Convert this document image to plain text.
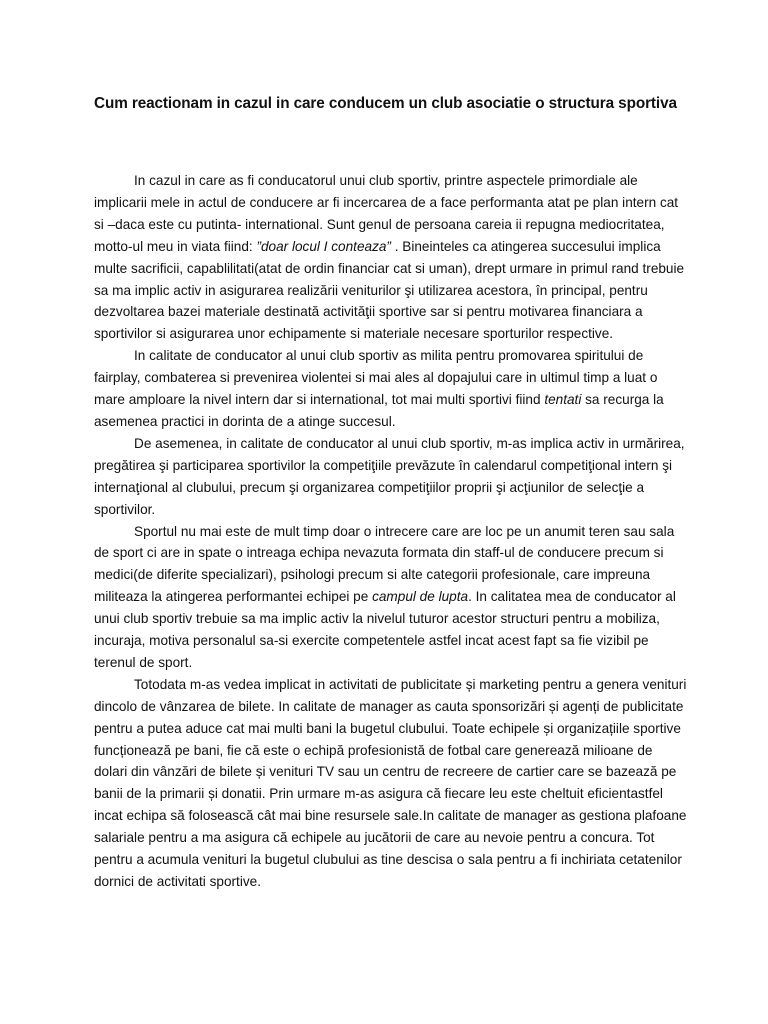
Cum reactionam in cazul in care conducem un club asociatie o structura sportiva

In cazul in care as fi conducatorul unui club sportiv, printre aspectele primordiale ale implicarii mele in actul de conducere ar fi incercarea de a face performanta atat pe plan intern cat si –daca este cu putinta- international. Sunt genul de persoana careia ii repugna mediocritatea, motto-ul meu in viata fiind: ”doar locul I conteaza” . Bineinteles ca atingerea succesului implica multe sacrificii, capablilitati(atat de ordin financiar cat si uman), drept urmare in primul rand trebuie sa ma implic activ in asigurarea realizării veniturilor şi utilizarea acestora, în principal, pentru dezvoltarea bazei materiale destinată activităţii sportive sar si pentru motivarea financiara a sportivilor si asigurarea unor echipamente si materiale necesare sporturilor respective.

In calitate de conducator al unui club sportiv as milita pentru promovarea spiritului de fairplay, combaterea si prevenirea violentei si mai ales al dopajului care in ultimul timp a luat o mare amploare la nivel intern dar si international, tot mai multi sportivi fiind tentati sa recurga la asemenea practici in dorinta de a atinge succesul.

De asemenea, in calitate de conducator al unui club sportiv, m-as implica activ in urmărirea, pregătirea şi participarea sportivilor la competiţiile prevăzute în calendarul competiţional intern şi internaţional al clubului, precum şi organizarea competiţiilor proprii şi acţiunilor de selecţie a sportivilor.

Sportul nu mai este de mult timp doar o intrecere care are loc pe un anumit teren sau sala de sport ci are in spate o intreaga echipa nevazuta formata din staff-ul de conducere precum si medici(de diferite specializari), psihologi precum si alte categorii profesionale, care impreuna militeaza la atingerea performantei echipei pe campul de lupta. In calitatea mea de conducator al unui club sportiv trebuie sa ma implic activ la nivelul tuturor acestor structuri pentru a mobiliza, incuraja, motiva personalul sa-si exercite competentele astfel incat acest fapt sa fie vizibil pe terenul de sport.

Totodata m-as vedea implicat in activitati de publicitate și marketing pentru a genera venituri dincolo de vânzarea de bilete. In calitate de manager as cauta sponsorizări și agenți de publicitate pentru a putea aduce cat mai multi bani la bugetul clubului. Toate echipele și organizațiile sportive funcționează pe bani, fie că este o echipă profesionistă de fotbal care generează milioane de dolari din vânzări de bilete și venituri TV sau un centru de recreere de cartier care se bazează pe banii de la primarii și donatii. Prin urmare m-as asigura că fiecare leu este cheltuit eficientastfel incat echipa să folosească cât mai bine resursele sale.In calitate de manager as gestiona plafoane salariale pentru a ma asigura că echipele au jucătorii de care au nevoie pentru a concura. Tot pentru a acumula venituri la bugetul clubului as tine descisa o sala pentru a fi inchiriata cetatenilor dornici de activitati sportive.
